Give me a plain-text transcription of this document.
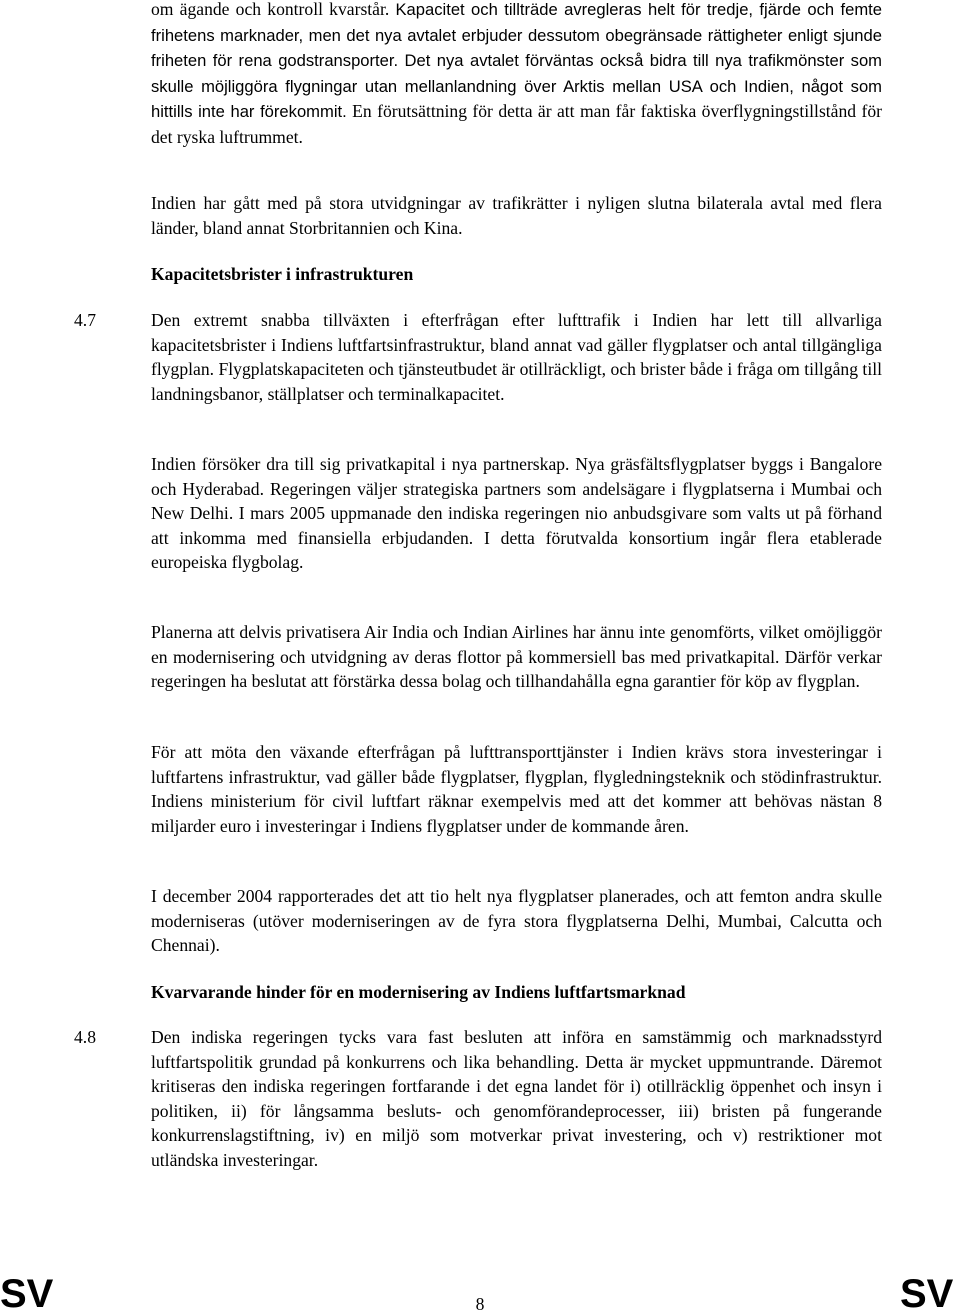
om ägande och kontroll kvarstår. Kapacitet och tillträde avregleras helt för tredje, fjärde och femte frihetens marknader, men det nya avtalet erbjuder dessutom obegränsade rättigheter enligt sjunde friheten för rena godstransporter. Det nya avtalet förväntas också bidra till nya trafikmönster som skulle möjliggöra flygningar utan mellanlandning över Arktis mellan USA och Indien, något som hittills inte har förekommit. En förutsättning för detta är att man får faktiska överflygningstillstånd för det ryska luftrummet.

Indien har gått med på stora utvidgningar av trafikrätter i nyligen slutna bilaterala avtal med flera länder, bland annat Storbritannien och Kina.

Kapacitetsbrister i infrastrukturen

4.7	Den extremt snabba tillväxten i efterfrågan efter lufttrafik i Indien har lett till allvarliga kapacitetsbrister i Indiens luftfartsinfrastruktur, bland annat vad gäller flygplatser och antal tillgängliga flygplan. Flygplatskapaciteten och tjänsteutbudet är otillräckligt, och brister både i fråga om tillgång till landningsbanor, ställplatser och terminalkapacitet.

Indien försöker dra till sig privatkapital i nya partnerskap. Nya gräsfältsflygplatser byggs i Bangalore och Hyderabad. Regeringen väljer strategiska partners som andelsägare i flygplatserna i Mumbai och New Delhi. I mars 2005 uppmanade den indiska regeringen nio anbudsgivare som valts ut på förhand att inkomma med finansiella erbjudanden. I detta förutvalda konsortium ingår flera etablerade europeiska flygbolag.

Planerna att delvis privatisera Air India och Indian Airlines har ännu inte genomförts, vilket omöjliggör en modernisering och utvidgning av deras flottor på kommersiell bas med privatkapital. Därför verkar regeringen ha beslutat att förstärka dessa bolag och tillhandahålla egna garantier för köp av flygplan.

För att möta den växande efterfrågan på lufttransporttjänster i Indien krävs stora investeringar i luftfartens infrastruktur, vad gäller både flygplatser, flygplan, flygledningsteknik och stödinfrastruktur. Indiens ministerium för civil luftfart räknar exempelvis med att det kommer att behövas nästan 8 miljarder euro i investeringar i Indiens flygplatser under de kommande åren.

I december 2004 rapporterades det att tio helt nya flygplatser planerades, och att femton andra skulle moderniseras (utöver moderniseringen av de fyra stora flygplatserna Delhi, Mumbai, Calcutta och Chennai).

Kvarvarande hinder för en modernisering av Indiens luftfartsmarknad

4.8	Den indiska regeringen tycks vara fast besluten att införa en samstämmig och marknadsstyrd luftfartspolitik grundad på konkurrens och lika behandling. Detta är mycket uppmuntrande. Däremot kritiseras den indiska regeringen fortfarande i det egna landet för i) otillräcklig öppenhet och insyn i politiken, ii) för långsamma besluts- och genomförandeprocesser, iii) bristen på fungerande konkurrenslagstiftning, iv) en miljö som motverkar privat investering, och v) restriktioner mot utländska investeringar.

SV	8	SV
